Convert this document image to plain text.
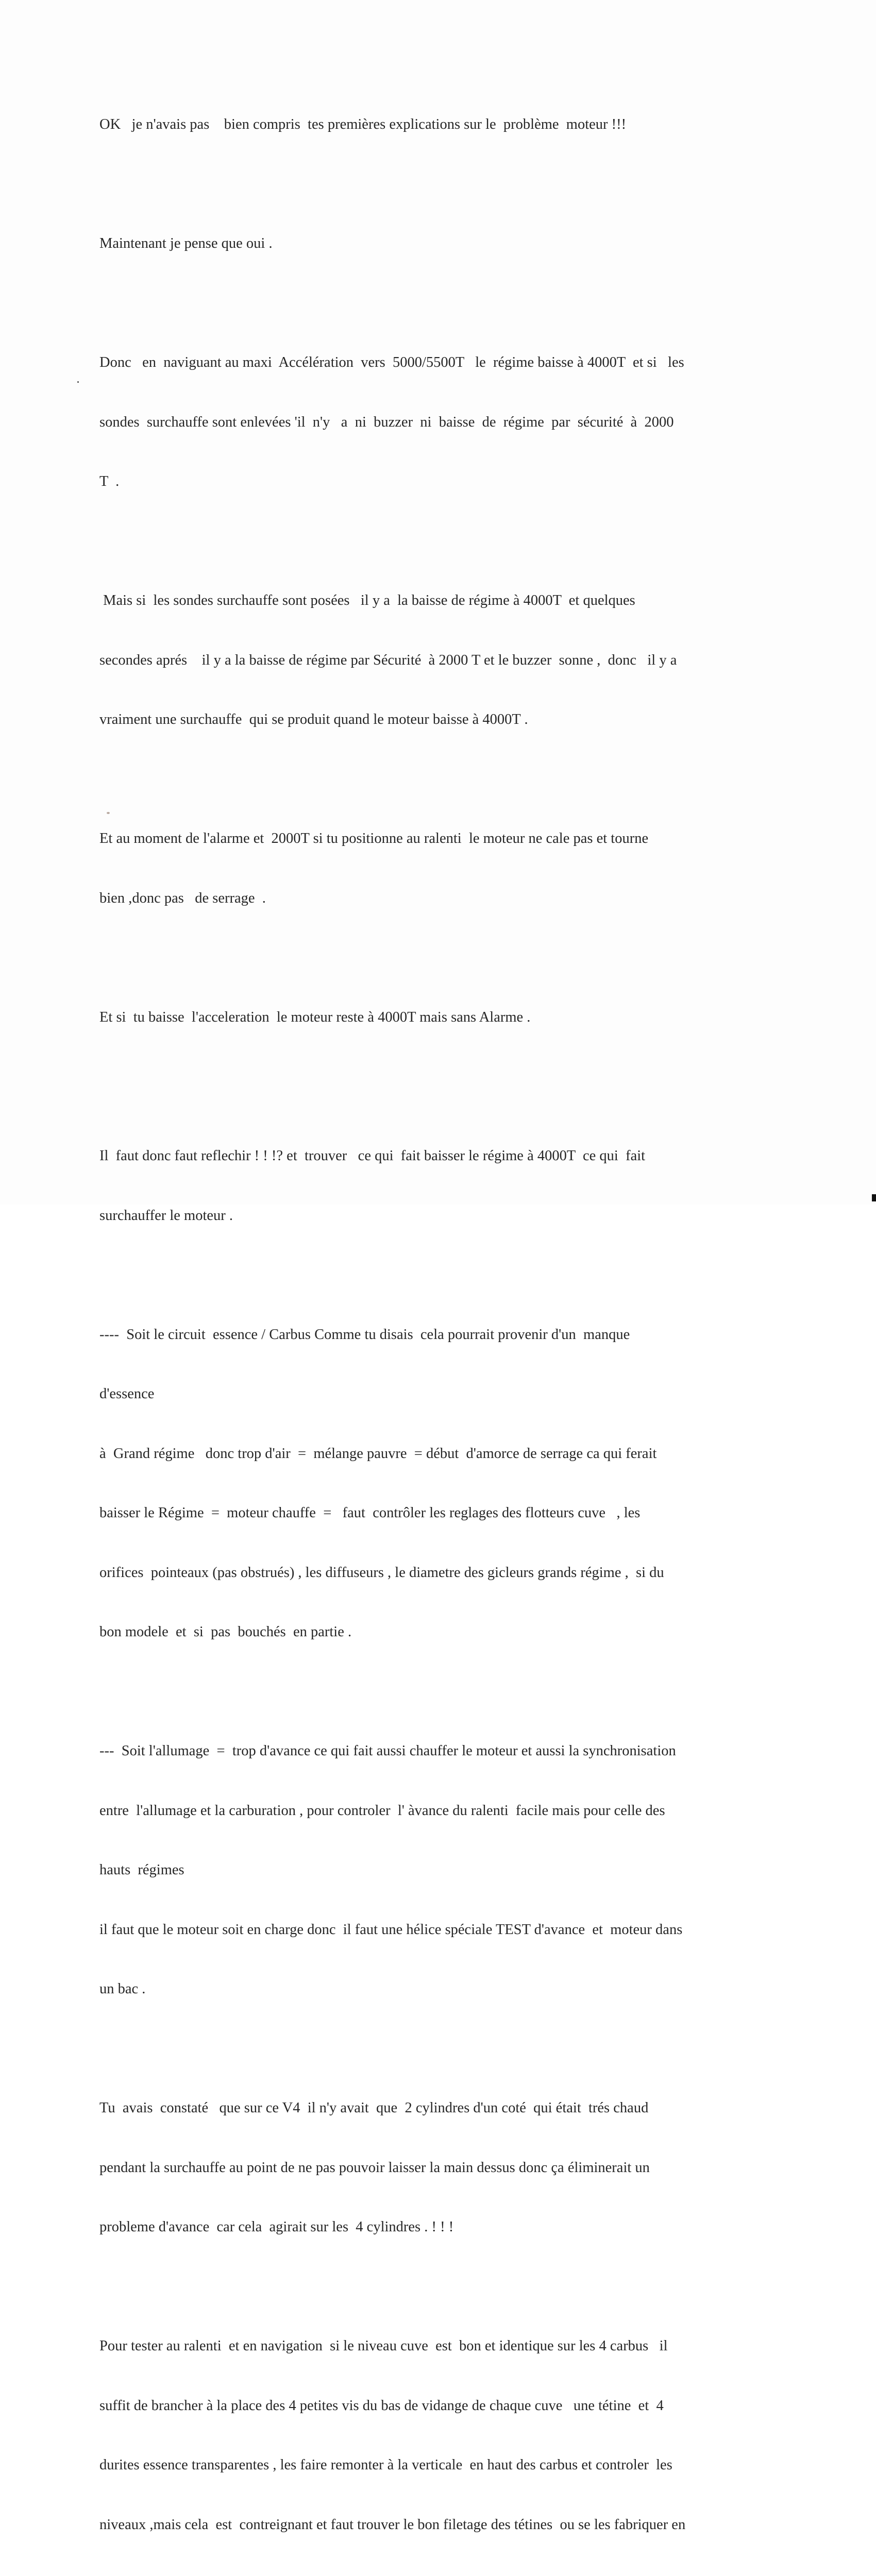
OK   je n'avais pas    bien compris  tes premières explications sur le  problème  moteur !!!

Maintenant je pense que oui .

Donc   en  naviguant au maxi  Accélération  vers  5000/5500T   le  régime baisse à 4000T  et si   les

sondes  surchauffe sont enlevées 'il  n'y   a  ni  buzzer  ni  baisse  de  régime  par  sécurité  à  2000

T  .

Mais si  les sondes surchauffe sont posées   il y a  la baisse de régime à 4000T  et quelques

secondes aprés    il y a la baisse de régime par Sécurité  à 2000 T et le buzzer  sonne ,  donc   il y a

vraiment une surchauffe  qui se produit quand le moteur baisse à 4000T .

Et au moment de l'alarme et  2000T si tu positionne au ralenti  le moteur ne cale pas et tourne

bien ,donc pas   de serrage  .

Et si  tu baisse  l'acceleration  le moteur reste à 4000T mais sans Alarme .

Il  faut donc faut reflechir ! ! !? et  trouver   ce qui  fait baisser le régime à 4000T  ce qui  fait

surchauffer le moteur .

----  Soit le circuit  essence / Carbus Comme tu disais  cela pourrait provenir d'un  manque

d'essence

à  Grand régime   donc trop d'air  =  mélange pauvre  = début  d'amorce de serrage ca qui ferait

baisser le Régime  =  moteur chauffe  =   faut  contrôler les reglages des flotteurs cuve   , les

orifices  pointeaux (pas obstrués) , les diffuseurs , le diametre des gicleurs grands régime ,  si du

bon modele  et  si  pas  bouchés  en partie .

---  Soit l'allumage  =  trop d'avance ce qui fait aussi chauffer le moteur et aussi la synchronisation

entre  l'allumage et la carburation , pour controler  l' àvance du ralenti  facile mais pour celle des

hauts  régimes

il faut que le moteur soit en charge donc  il faut une hélice spéciale TEST d'avance  et  moteur dans

un bac .

Tu  avais  constaté   que sur ce V4  il n'y avait  que  2 cylindres d'un coté  qui était  trés chaud

pendant la surchauffe au point de ne pas pouvoir laisser la main dessus donc ça éliminerait un

probleme d'avance  car cela  agirait sur les  4 cylindres . ! ! !

Pour tester au ralenti  et en navigation  si le niveau cuve  est  bon et identique sur les 4 carbus   il

suffit de brancher à la place des 4 petites vis du bas de vidange de chaque cuve   une tétine  et  4

durites essence transparentes , les faire remonter à la verticale  en haut des carbus et controler  les

niveaux ,mais cela  est  contreignant et faut trouver le bon filetage des tétines  ou se les fabriquer en
